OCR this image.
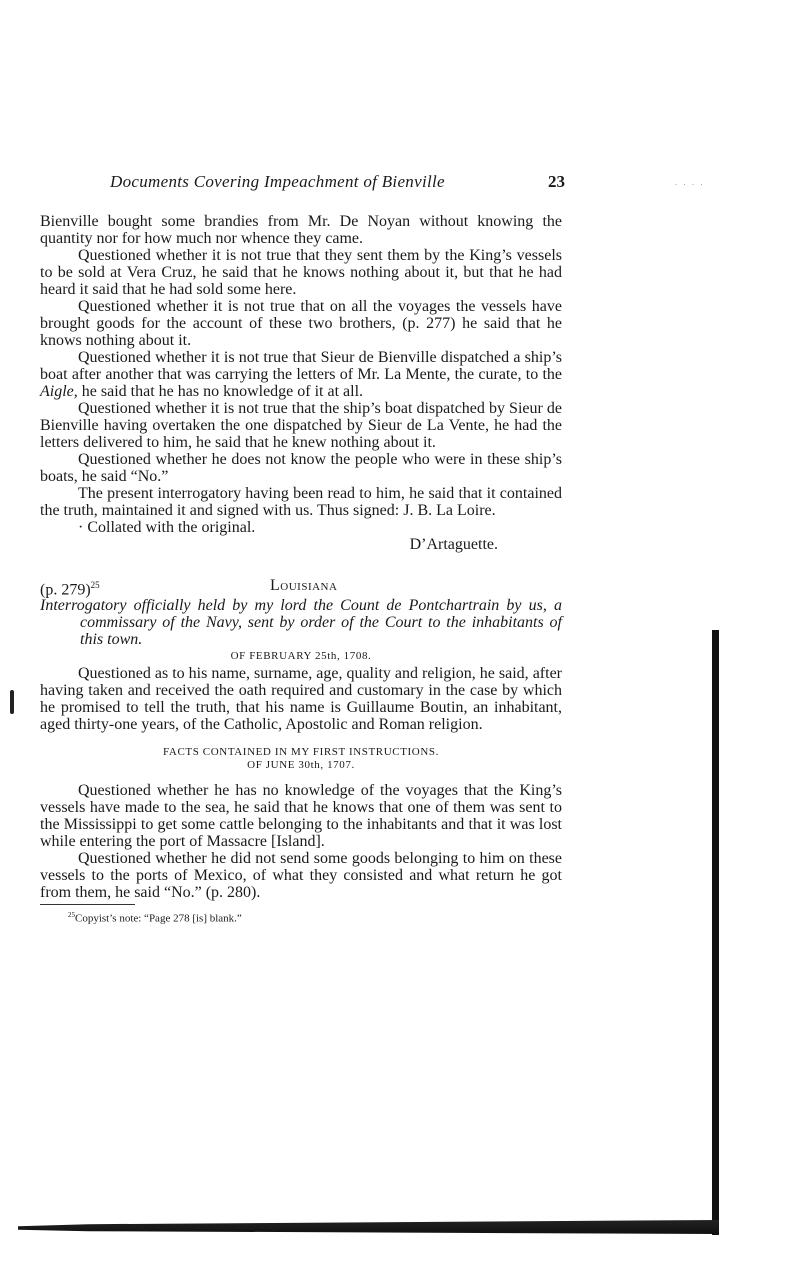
· · · ·
Documents Covering Impeachment of Bienville	23

Bienville bought some brandies from Mr. De Noyan without knowing the quantity nor for how much nor whence they came.

Questioned whether it is not true that they sent them by the King’s vessels to be sold at Vera Cruz, he said that he knows nothing about it, but that he had heard it said that he had sold some here.

Questioned whether it is not true that on all the voyages the vessels have brought goods for the account of these two brothers, (p. 277) he said that he knows nothing about it.

Questioned whether it is not true that Sieur de Bienville dispatched a ship’s boat after another that was carrying the letters of Mr. La Mente, the curate, to the Aigle, he said that he has no knowledge of it at all.

Questioned whether it is not true that the ship’s boat dispatched by Sieur de Bienville having overtaken the one dispatched by Sieur de La Vente, he had the letters delivered to him, he said that he knew nothing about it.

Questioned whether he does not know the people who were in these ship’s boats, he said “No.”

The present interrogatory having been read to him, he said that it contained the truth, maintained it and signed with us. Thus signed: J. B. La Loire.

· Collated with the original.

D’Artaguette.

(p. 279)$^{25}$	Louisiana

Interrogatory officially held by my lord the Count de Pontchartrain by us, a commissary of the Navy, sent by order of the Court to the inhabitants of this town.

OF FEBRUARY 25th, 1708.

Questioned as to his name, surname, age, quality and religion, he said, after having taken and received the oath required and customary in the case by which he promised to tell the truth, that his name is Guillaume Boutin, an inhabitant, aged thirty-one years, of the Catholic, Apostolic and Roman religion.

FACTS CONTAINED IN MY FIRST INSTRUCTIONS.
OF JUNE 30th, 1707.

Questioned whether he has no knowledge of the voyages that the King’s vessels have made to the sea, he said that he knows that one of them was sent to the Mississippi to get some cattle belonging to the inhabitants and that it was lost while entering the port of Massacre [Island].

Questioned whether he did not send some goods belonging to him on these vessels to the ports of Mexico, of what they consisted and what return he got from them, he said “No.” (p. 280).

$^{25}$Copyist’s note: “Page 278 [is] blank.”
